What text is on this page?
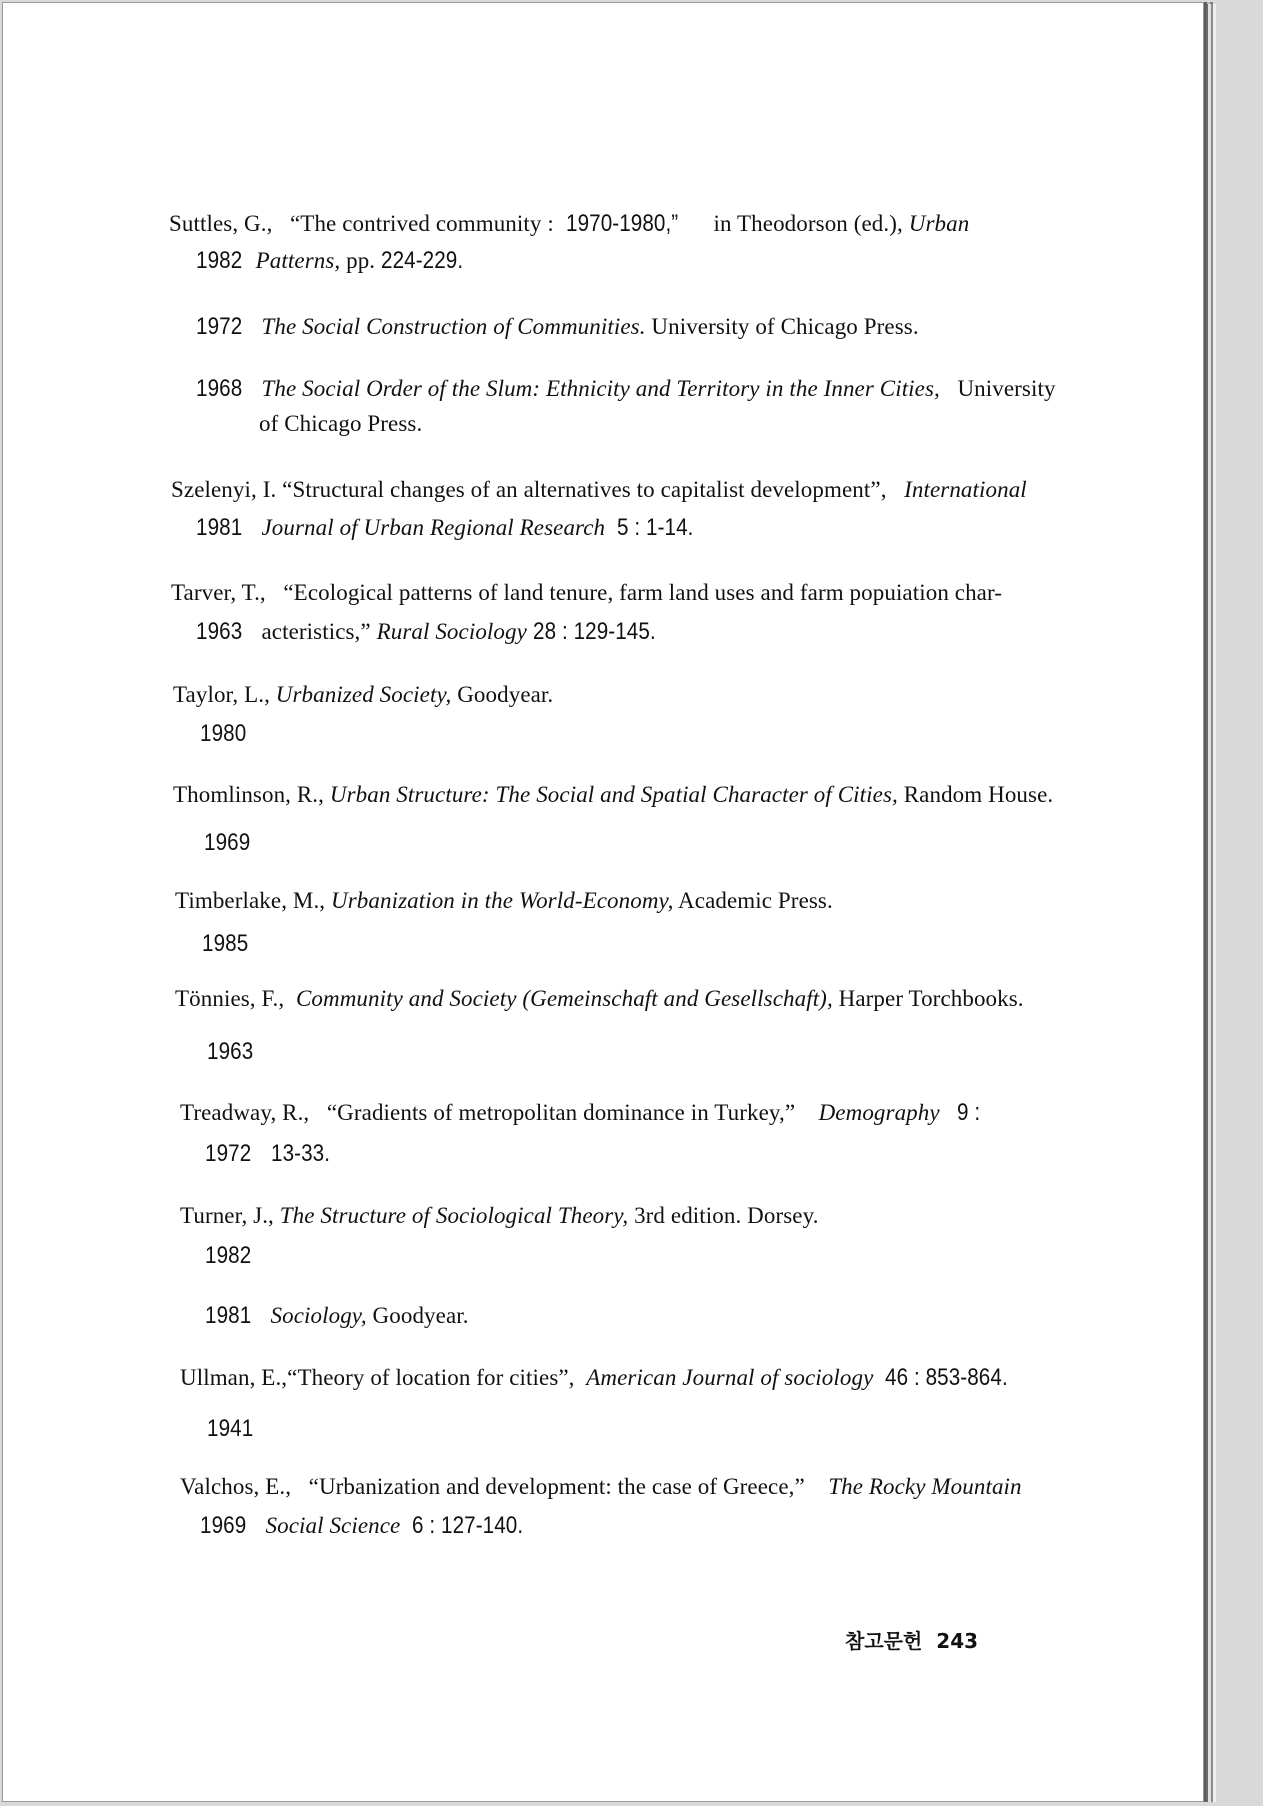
Suttles, G., “The contrived community : 1970-1980,” in Theodorson (ed.), Urban
1982 Patterns, pp. 224-229.
1972 The Social Construction of Communities. University of Chicago Press.
1968 The Social Order of the Slum: Ethnicity and Territory in the Inner Cities, University
of Chicago Press.
Szelenyi, I. “Structural changes of an alternatives to capitalist development”, International
1981 Journal of Urban Regional Research 5 : 1-14.
Tarver, T., “Ecological patterns of land tenure, farm land uses and farm popuiation char-
1963 acteristics,” Rural Sociology 28 : 129-145.
Taylor, L., Urbanized Society, Goodyear.
1980
Thomlinson, R., Urban Structure: The Social and Spatial Character of Cities, Random House.
1969
Timberlake, M., Urbanization in the World-Economy, Academic Press.
1985
Tönnies, F., Community and Society (Gemeinschaft and Gesellschaft), Harper Torchbooks.
1963
Treadway, R., “Gradients of metropolitan dominance in Turkey,” Demography 9 :
1972 13-33.
Turner, J., The Structure of Sociological Theory, 3rd edition. Dorsey.
1982
1981 Sociology, Goodyear.
Ullman, E.,“Theory of location for cities”, American Journal of sociology 46 : 853-864.
1941
Valchos, E., “Urbanization and development: the case of Greece,” The Rocky Mountain
1969 Social Science 6 : 127-140.
참고문헌 243
